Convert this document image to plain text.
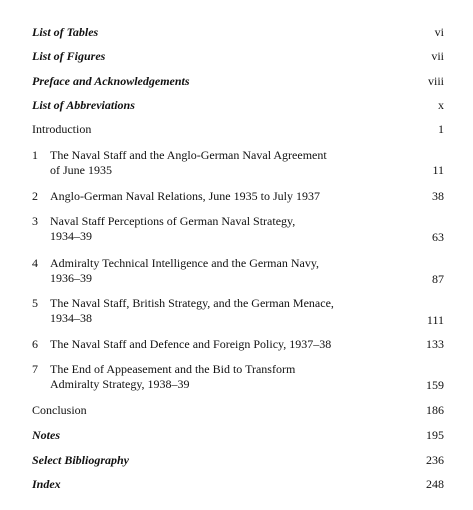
List of Tables	vi
List of Figures	vii
Preface and Acknowledgements	viii
List of Abbreviations	x
Introduction	1
1	The Naval Staff and the Anglo-German Naval Agreement
of June 1935	11
2	Anglo-German Naval Relations, June 1935 to July 1937	38
3	Naval Staff Perceptions of German Naval Strategy,
1934–39	63
4	Admiralty Technical Intelligence and the German Navy,
1936–39	87
5	The Naval Staff, British Strategy, and the German Menace,
1934–38	111
6	The Naval Staff and Defence and Foreign Policy, 1937–38	133
7	The End of Appeasement and the Bid to Transform
Admiralty Strategy, 1938–39	159
Conclusion	186
Notes	195
Select Bibliography	236
Index	248
